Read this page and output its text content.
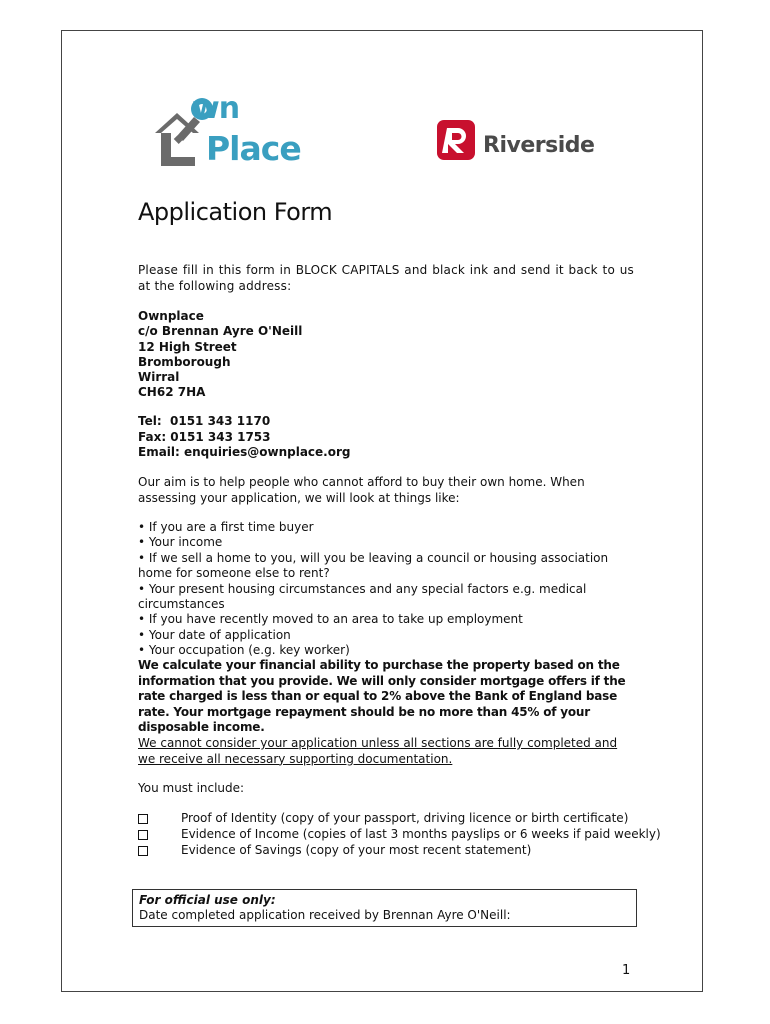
wn
Place	Riverside
Application Form
Please fill in this form in BLOCK CAPITALS and black ink and send it back to us at the following address:
Ownplace
c/o Brennan Ayre O'Neill
12 High Street
Bromborough
Wirral
CH62 7HA
Tel:  0151 343 1170
Fax: 0151 343 1753
Email: enquiries@ownplace.org
Our aim is to help people who cannot afford to buy their own home. When assessing your application, we will look at things like:
• If you are a first time buyer
• Your income
• If we sell a home to you, will you be leaving a council or housing association home for someone else to rent?
• Your present housing circumstances and any special factors e.g. medical circumstances
• If you have recently moved to an area to take up employment
• Your date of application
• Your occupation (e.g. key worker)
We calculate your financial ability to purchase the property based on the information that you provide. We will only consider mortgage offers if the rate charged is less than or equal to 2% above the Bank of England base rate. Your mortgage repayment should be no more than 45% of your disposable income.
We cannot consider your application unless all sections are fully completed and we receive all necessary supporting documentation.
You must include:
Proof of Identity (copy of your passport, driving licence or birth certificate)
Evidence of Income (copies of last 3 months payslips or 6 weeks if paid weekly)
Evidence of Savings (copy of your most recent statement)
For official use only:
Date completed application received by Brennan Ayre O'Neill:
1
